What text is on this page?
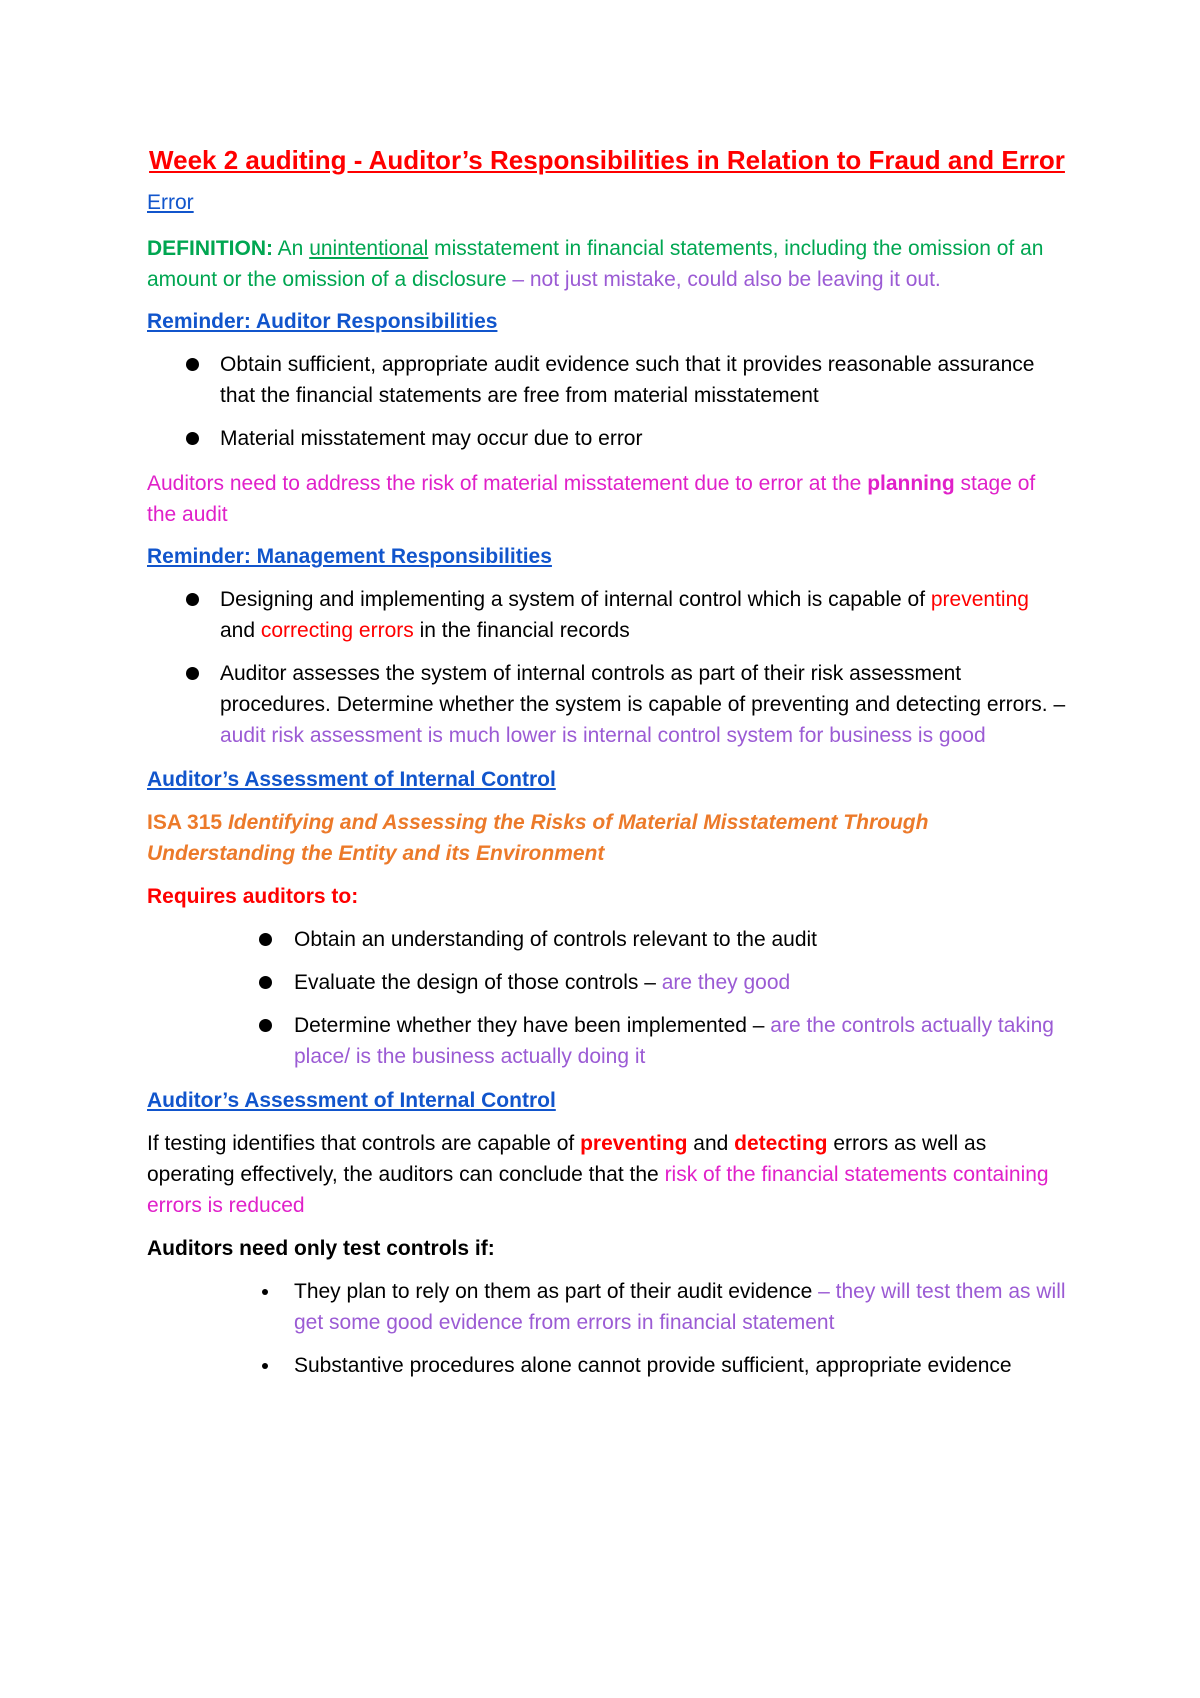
Week 2 auditing - Auditor’s Responsibilities in Relation to Fraud and Error

Error

DEFINITION: An unintentional misstatement in financial statements, including the omission of an amount or the omission of a disclosure – not just mistake, could also be leaving it out.

Reminder: Auditor Responsibilities

Obtain sufficient, appropriate audit evidence such that it provides reasonable assurance that the financial statements are free from material misstatement
Material misstatement may occur due to error

Auditors need to address the risk of material misstatement due to error at the planning stage of the audit

Reminder: Management Responsibilities

Designing and implementing a system of internal control which is capable of preventing and correcting errors in the financial records
Auditor assesses the system of internal controls as part of their risk assessment procedures. Determine whether the system is capable of preventing and detecting errors. – audit risk assessment is much lower is internal control system for business is good

Auditor’s Assessment of Internal Control

ISA 315 Identifying and Assessing the Risks of Material Misstatement Through Understanding the Entity and its Environment

Requires auditors to:

Obtain an understanding of controls relevant to the audit
Evaluate the design of those controls – are they good
Determine whether they have been implemented – are the controls actually taking place/ is the business actually doing it

Auditor’s Assessment of Internal Control

If testing identifies that controls are capable of preventing and detecting errors as well as operating effectively, the auditors can conclude that the risk of the financial statements containing errors is reduced

Auditors need only test controls if:

They plan to rely on them as part of their audit evidence – they will test them as will get some good evidence from errors in financial statement
Substantive procedures alone cannot provide sufficient, appropriate evidence
